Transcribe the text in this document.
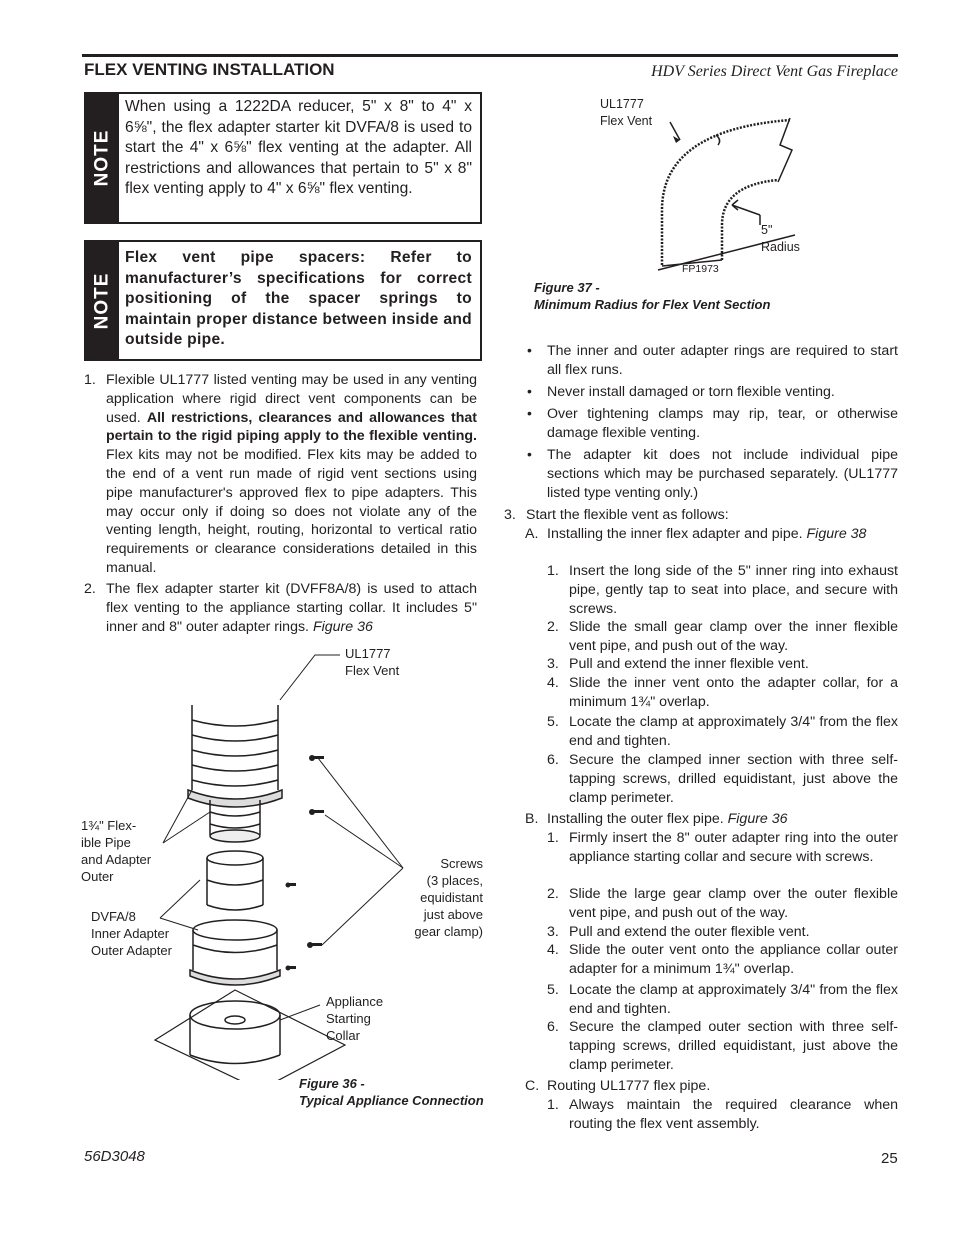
FLEX VENTING INSTALLATION	HDV Series Direct Vent Gas Fireplace
NOTE
When using a 1222DA reducer, 5" x 8" to 4" x 6⅝", the flex adapter starter kit DVFA/8 is used to start the 4" x 6⅝" flex venting at the adapter. All restrictions and allowances that pertain to 5" x 8" flex venting apply to 4" x 6⅝" flex venting.
NOTE
Flex vent pipe spacers: Refer to manufacturer’s specifications for correct positioning of the spacer springs to maintain proper distance between inside and outside pipe.
1. Flexible UL1777 listed venting may be used in any venting application where rigid direct vent components can be used. All restrictions, clearances and allowances that pertain to the rigid piping apply to the flexible venting. Flex kits may not be modified. Flex kits may be added to the end of a vent run made of rigid vent sections using pipe manufacturer's approved flex to pipe adapters. This may occur only if doing so does not violate any of the venting length, height, routing, horizontal to vertical ratio requirements or clearance considerations detailed in this manual.
2. The flex adapter starter kit (DVFF8A/8) is used to attach flex venting to the appliance starting collar. It includes 5" inner and 8" outer adapter rings. Figure 36
UL1777
Flex Vent
1¾" Flex-
ible Pipe
and Adapter
Outer
DVFA/8
Inner Adapter
Outer Adapter
Screws
(3 places,
equidistant
just above
gear clamp)
Appliance
Starting
Collar
Figure 36 -
Typical Appliance Connection
UL1777
Flex Vent
5"
Radius
FP1973
Figure 37 -
Minimum Radius for Flex Vent Section
• The inner and outer adapter rings are required to start all flex runs.
• Never install damaged or torn flexible venting.
• Over tightening clamps may rip, tear, or otherwise damage flexible venting.
• The adapter kit does not include individual pipe sections which may be purchased separately. (UL1777 listed type venting only.)
3. Start the flexible vent as follows:
A. Installing the inner flex adapter and pipe. Figure 38
1. Insert the long side of the 5" inner ring into exhaust pipe, gently tap to seat into place, and secure with screws.
2. Slide the small gear clamp over the inner flexible vent pipe, and push out of the way.
3. Pull and extend the inner flexible vent.
4. Slide the inner vent onto the adapter collar, for a minimum 1¾" overlap.
5. Locate the clamp at approximately 3/4" from the flex end and tighten.
6. Secure the clamped inner section with three self-tapping screws, drilled equidistant, just above the clamp perimeter.
B. Installing the outer flex pipe. Figure 36
1. Firmly insert the 8" outer adapter ring into the outer appliance starting collar and secure with screws.
2. Slide the large gear clamp over the outer flexible vent pipe, and push out of the way.
3. Pull and extend the outer flexible vent.
4. Slide the outer vent onto the appliance collar outer adapter for a minimum 1¾" overlap.
5. Locate the clamp at approximately 3/4" from the flex end and tighten.
6. Secure the clamped outer section with three self-tapping screws, drilled equidistant, just above the clamp perimeter.
C. Routing UL1777 flex pipe.
1. Always maintain the required clearance when routing the flex vent assembly.
56D3048	25
